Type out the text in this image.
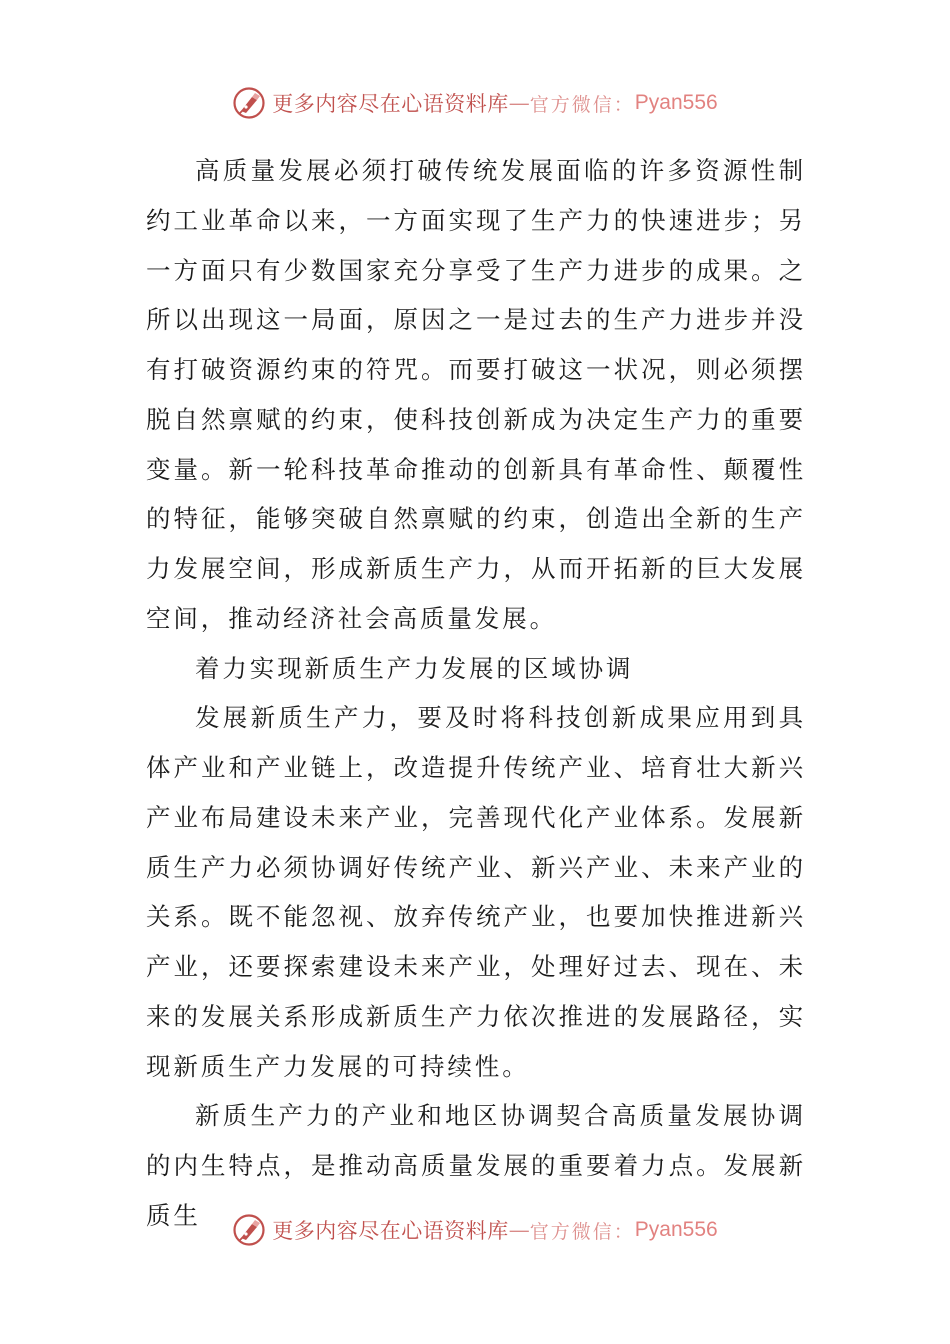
更多内容尽在心语资料库 — 官方微信： Pyan556

高质量发展必须打破传统发展面临的许多资源性制约工业革命以来，一方面实现了生产力的快速进步；另一方面只有少数国家充分享受了生产力进步的成果。之所以出现这一局面，原因之一是过去的生产力进步并没有打破资源约束的符咒。而要打破这一状况，则必须摆脱自然禀赋的约束，使科技创新成为决定生产力的重要变量。新一轮科技革命推动的创新具有革命性、颠覆性的特征，能够突破自然禀赋的约束，创造出全新的生产力发展空间，形成新质生产力，从而开拓新的巨大发展空间，推动经济社会高质量发展。

着力实现新质生产力发展的区域协调

发展新质生产力，要及时将科技创新成果应用到具体产业和产业链上，改造提升传统产业、培育壮大新兴产业布局建设未来产业，完善现代化产业体系。发展新质生产力必须协调好传统产业、新兴产业、未来产业的关系。既不能忽视、放弃传统产业，也要加快推进新兴产业，还要探索建设未来产业，处理好过去、现在、未来的发展关系形成新质生产力依次推进的发展路径，实现新质生产力发展的可持续性。

新质生产力的产业和地区协调契合高质量发展协调的内生特点，是推动高质量发展的重要着力点。发展新质生

更多内容尽在心语资料库 — 官方微信： Pyan556
